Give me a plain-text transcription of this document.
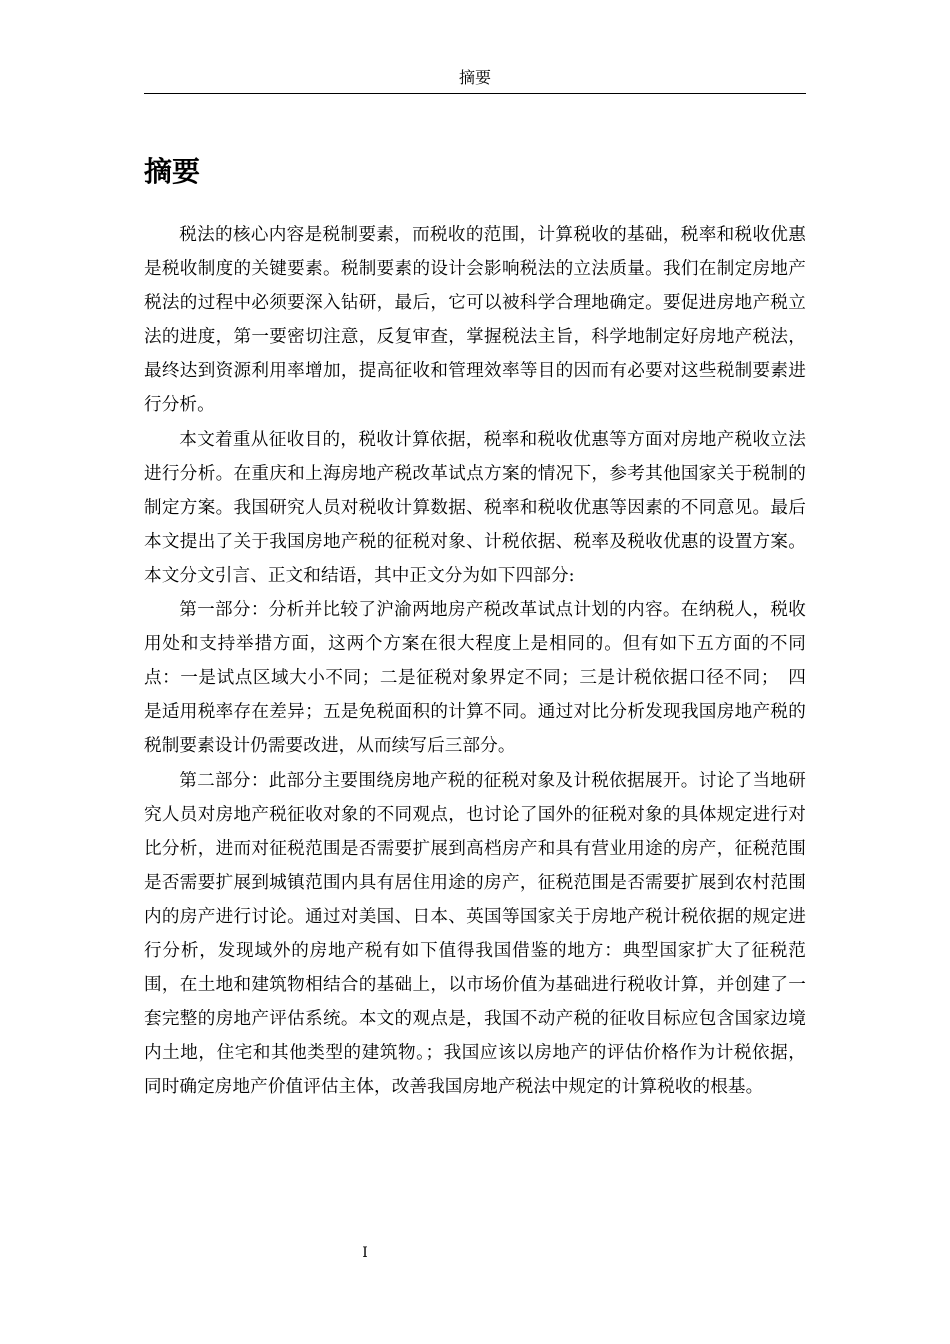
摘要
摘要

税法的核心内容是税制要素，而税收的范围，计算税收的基础，税率和税收优惠是税收制度的关键要素。税制要素的设计会影响税法的立法质量。我们在制定房地产税法的过程中必须要深入钻研，最后，它可以被科学合理地确定。要促进房地产税立法的进度，第一要密切注意，反复审查，掌握税法主旨，科学地制定好房地产税法，最终达到资源利用率增加，提高征收和管理效率等目的因而有必要对这些税制要素进行分析。

本文着重从征收目的，税收计算依据，税率和税收优惠等方面对房地产税收立法进行分析。在重庆和上海房地产税改革试点方案的情况下，参考其他国家关于税制的制定方案。我国研究人员对税收计算数据、税率和税收优惠等因素的不同意见。最后本文提出了关于我国房地产税的征税对象、计税依据、税率及税收优惠的设置方案。本文分文引言、正文和结语，其中正文分为如下四部分:

第一部分：分析并比较了沪渝两地房产税改革试点计划的内容。在纳税人，税收用处和支持举措方面，这两个方案在很大程度上是相同的。但有如下五方面的不同点：一是试点区域大小不同；二是征税对象界定不同；三是计税依据口径不同；　四是适用税率存在差异；五是免税面积的计算不同。通过对比分析发现我国房地产税的税制要素设计仍需要改进，从而续写后三部分。

第二部分：此部分主要围绕房地产税的征税对象及计税依据展开。讨论了当地研究人员对房地产税征收对象的不同观点，也讨论了国外的征税对象的具体规定进行对比分析，进而对征税范围是否需要扩展到高档房产和具有营业用途的房产，征税范围是否需要扩展到城镇范围内具有居住用途的房产，征税范围是否需要扩展到农村范围内的房产进行讨论。通过对美国、日本、英国等国家关于房地产税计税依据的规定进行分析，发现域外的房地产税有如下值得我国借鉴的地方：典型国家扩大了征税范围，在土地和建筑物相结合的基础上，以市场价值为基础进行税收计算，并创建了一套完整的房地产评估系统。本文的观点是，我国不动产税的征收目标应包含国家边境内土地，住宅和其他类型的建筑物。；我国应该以房地产的评估价格作为计税依据，同时确定房地产价值评估主体，改善我国房地产税法中规定的计算税收的根基。

I
